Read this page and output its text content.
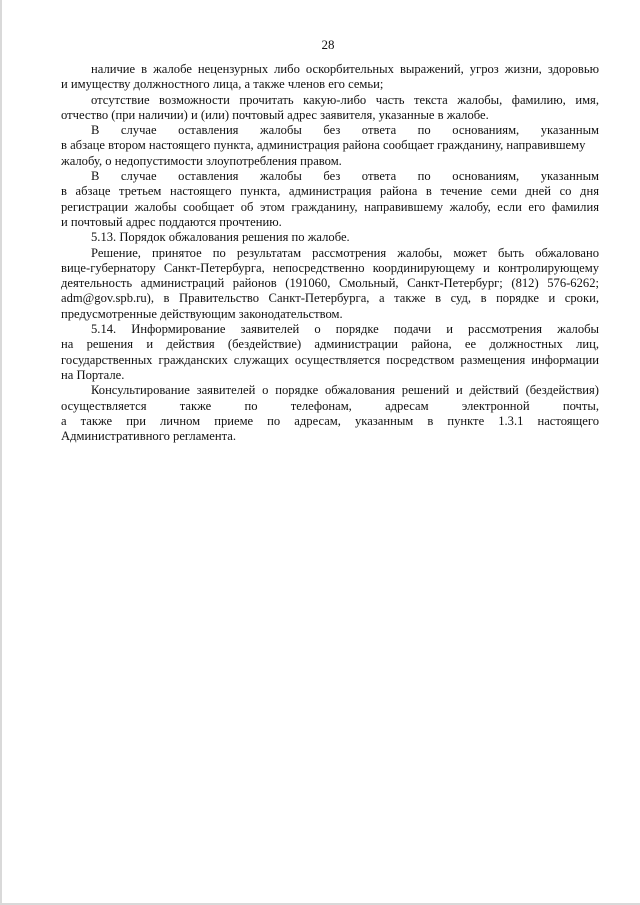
28
наличие в жалобе нецензурных либо оскорбительных выражений, угроз жизни, здоровью
и имуществу должностного лица, а также членов его семьи;
отсутствие возможности прочитать какую-либо часть текста жалобы, фамилию, имя,
отчество (при наличии) и (или) почтовый адрес заявителя, указанные в жалобе.
В случае оставления жалобы без ответа по основаниям, указанным
в абзаце втором настоящего пункта, администрация района сообщает гражданину, направившему
жалобу, о недопустимости злоупотребления правом.
В случае оставления жалобы без ответа по основаниям, указанным
в абзаце третьем настоящего пункта, администрация района в течение семи дней со дня
регистрации жалобы сообщает об этом гражданину, направившему жалобу, если его фамилия
и почтовый адрес поддаются прочтению.
5.13. Порядок обжалования решения по жалобе.
Решение, принятое по результатам рассмотрения жалобы, может быть обжаловано
вице-губернатору Санкт-Петербурга, непосредственно координирующему и контролирующему
деятельность администраций районов (191060, Смольный, Санкт-Петербург; (812) 576-6262;
adm@gov.spb.ru), в Правительство Санкт-Петербурга, а также в суд, в порядке и сроки,
предусмотренные действующим законодательством.
5.14. Информирование заявителей о порядке подачи и рассмотрения жалобы
на решения и действия (бездействие) администрации района, ее должностных лиц,
государственных гражданских служащих осуществляется посредством размещения информации
на Портале.
Консультирование заявителей о порядке обжалования решений и действий (бездействия)
осуществляется также по телефонам, адресам электронной почты,
а также при личном приеме по адресам, указанным в пункте 1.3.1 настоящего
Административного регламента.
